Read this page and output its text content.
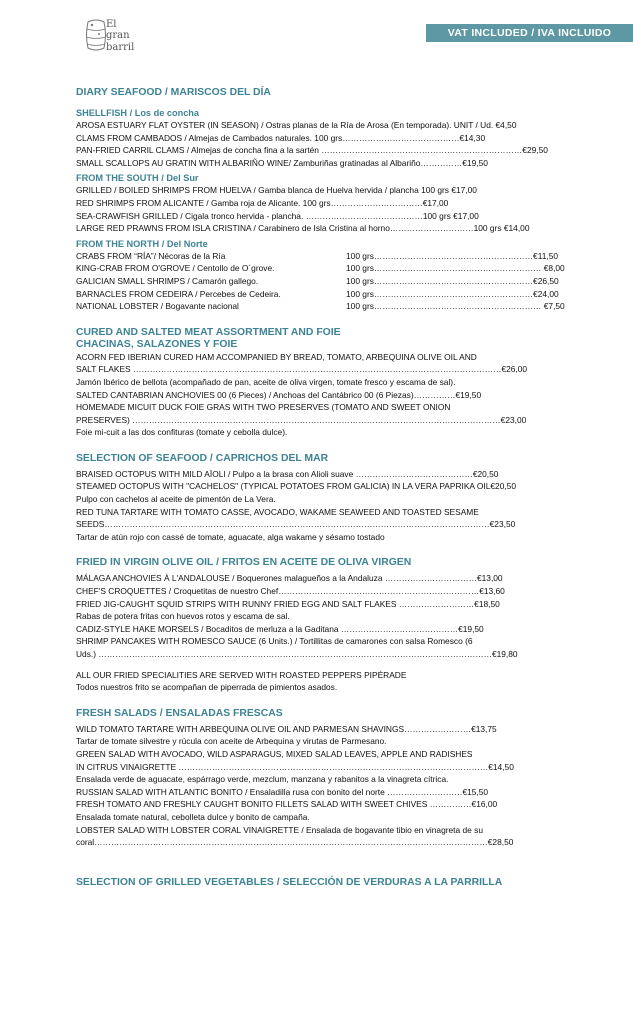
VAT INCLUDED / IVA INCLUIDO
El
gran
barril
DIARY SEAFOOD / MARISCOS DEL DÍA
SHELLFISH / Los de concha
AROSA ESTUARY FLAT OYSTER (IN SEASON) / Ostras planas de la Ría de Arosa (En temporada). UNIT / Ud. €4,50
CLAMS FROM CAMBADOS / Almejas de Cambados naturales. 100 grs……………………………………€14,30
PAN-FRIED CARRIL CLAMS / Almejas de concha fina a la sartén ………………………………………………………………€29,50
SMALL SCALLOPS AU GRATIN WITH ALBARIÑO WINE/ Zamburiñas gratinadas al Albariño……………€19,50
FROM THE SOUTH / Del Sur
GRILLED / BOILED SHRIMPS FROM HUELVA / Gamba blanca de Huelva hervida / plancha 100 grs €17,00
RED SHRIMPS FROM ALICANTE / Gamba roja de Alicante. 100 grs……………………………€17,00
SEA-CRAWFISH GRILLED / Cigala tronco hervida - plancha. ……………………………………100 grs €17,00
LARGE RED PRAWNS FROM ISLA CRISTINA / Carabinero de Isla Cristina al horno…………………………100 grs €14,00
FROM THE NORTH / Del Norte
CRABS FROM “RÍA”/ Nécoras de la Ría	100 grs…………………………………………………€11,50
KING-CRAB FROM O'GROVE / Centollo de O´grove.	100 grs…………………………………………………… €8,00
GALICIAN SMALL SHRIMPS / Camarón gallego.	100 grs…………………………………………………€26,50
BARNACLES FROM CEDEIRA / Percebes de Cedeira.	100 grs…………………………………………………€24,00
NATIONAL LOBSTER / Bogavante nacional	100 grs…………………………………………………… €7,50
CURED AND SALTED MEAT ASSORTMENT AND FOIE
CHACINAS, SALAZONES Y FOIE
ACORN FED IBERIAN CURED HAM ACCOMPANIED BY BREAD, TOMATO, ARBEQUINA OLIVE OIL AND
SALT FLAKES ……………………………………………………………………………………………………………………€26,00
Jamón Ibérico de bellota (acompañado de pan, aceite de oliva virgen, tomate fresco y escama de sal).
SALTED CANTABRIAN ANCHOVIES 00 (6 Pieces) / Anchoas del Cantábrico 00 (6 Piezas)……………€19,50
HOMEMADE MICUIT DUCK FOIE GRAS WITH TWO PRESERVES (TOMATO AND SWEET ONION
PRESERVES) ……………………………………………………………………………………………………………………€23,00
Foie mi-cuit a las dos confituras (tomate y cebolla dulce).
SELECTION OF SEAFOOD / CAPRICHOS DEL MAR
BRAISED OCTOPUS WITH MILD AÏOLI / Pulpo a la brasa con Alioli suave ……………………………………€20,50
STEAMED OCTOPUS WITH "CACHELOS" (TYPICAL POTATOES FROM GALICIA) IN LA VERA PAPRIKA OIL€20,50
Pulpo con cachelos al aceite de pimentón de La Vera.
RED TUNA TARTARE WITH TOMATO CASSE, AVOCADO, WAKAME SEAWEED AND TOASTED SESAME
SEEDS…………………………………………………………………………………………………………………………€23,50
Tartar de atún rojo con cassé de tomate, aguacate, alga wakame y sésamo tostado
FRIED IN VIRGIN OLIVE OIL / FRITOS EN ACEITE DE OLIVA VIRGEN
MÁLAGA ANCHOVIES À L'ANDALOUSE / Boquerones malagueños a la Andaluza ……………………………€13,00
CHEF'S CROQUETTES / Croquetitas de nuestro Chef………………………………………………………………€13,60
FRIED JIG-CAUGHT SQUID STRIPS WITH RUNNY FRIED EGG AND SALT FLAKES ………………………€18,50
Rabas de potera fritas con huevos rotos y escama de sal.
CADIZ-STYLE HAKE MORSELS / Bocaditos de merluza a la Gaditana ……………………………………€19,50
SHRIMP PANCAKES WITH ROMESCO SAUCE (6 Units.) / Tortillitas de camarones con salsa Romesco (6
Uds.) ……………………………………………………………………………………………………………………………€19,80
ALL OUR FRIED SPECIALITIES ARE SERVED WITH ROASTED PEPPERS PIPÉRADE
Todos nuestros frito se acompañan de piperrada de pimientos asados.
FRESH SALADS / ENSALADAS FRESCAS
WILD TOMATO TARTARE WITH ARBEQUINA OLIVE OIL AND PARMESAN SHAVINGS……………………€13,75
Tartar de tomate silvestre y rúcula con aceite de Arbequina y virutas de Parmesano.
GREEN SALAD WITH AVOCADO, WILD ASPARAGUS, MIXED SALAD LEAVES, APPLE AND RADISHES
IN CITRUS VINAIGRETTE …………………………………………………………………………………………………€14,50
Ensalada verde de aguacate, espárrago verde, mezclum, manzana y rabanitos a la vinagreta cítrica.
RUSSIAN SALAD WITH ATLANTIC BONITO / Ensaladilla rusa con bonito del norte ………………………€15,50
FRESH TOMATO AND FRESHLY CAUGHT BONITO FILLETS SALAD WITH SWEET CHIVES ……………€16,00
Ensalada tomate natural, cebolleta dulce y bonito de campaña.
LOBSTER SALAD WITH LOBSTER CORAL VINAIGRETTE / Ensalada de bogavante tibio en vinagreta de su
coral……………………………………………………………………………………………………………………………€28,50
SELECTION OF GRILLED VEGETABLES / SELECCIÓN DE VERDURAS A LA PARRILLA
